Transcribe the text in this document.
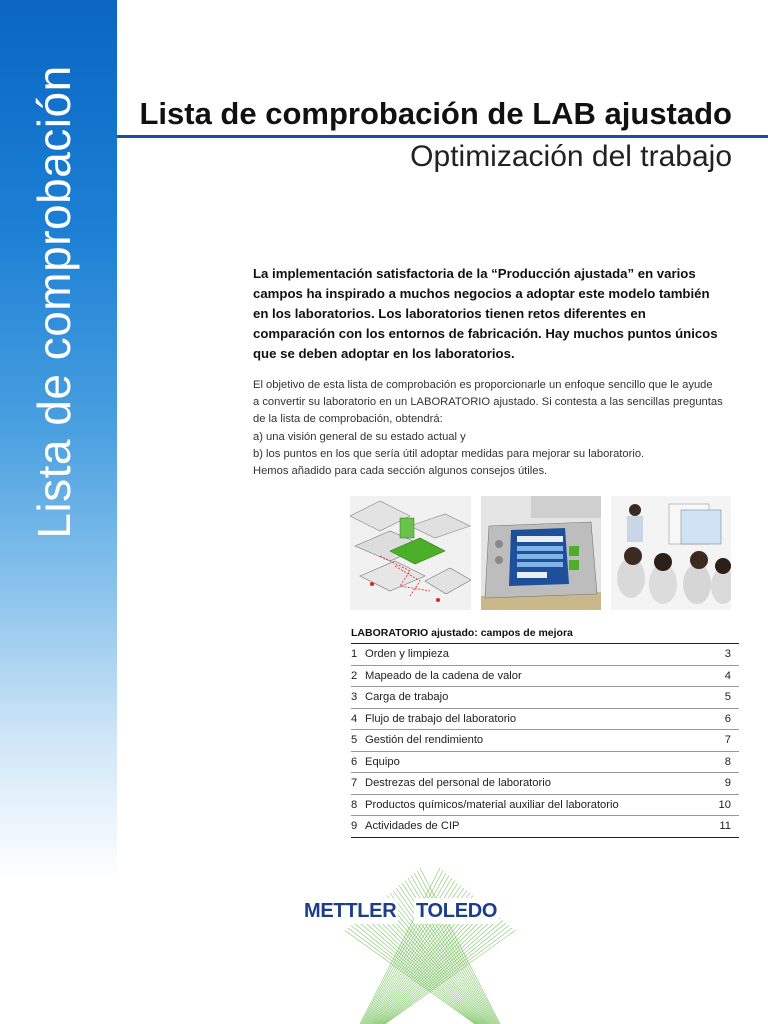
Lista de comprobación Lista de comprobación de LAB ajustado
Optimización del trabajo

La implementación satisfactoria de la “Producción ajustada” en varios campos ha inspirado a muchos negocios a adoptar este modelo también en los laboratorios. Los laboratorios tienen retos diferentes en comparación con los entornos de fabricación. Hay muchos puntos únicos que se deben adoptar en los laboratorios.

El objetivo de esta lista de comprobación es proporcionarle un enfoque sencillo que le ayude
a convertir su laboratorio en un LABORATORIO ajustado. Si contesta a las sencillas preguntas
de la lista de comprobación, obtendrá:
a) una visión general de su estado actual y
b) los puntos en los que sería útil adoptar medidas para mejorar su laboratorio.
Hemos añadido para cada sección algunos consejos útiles.
LABORATORIO ajustado: campos de mejora
1 Orden y limpieza	3
2 Mapeado de la cadena de valor	4
3 Carga de trabajo	5
4 Flujo de trabajo del laboratorio	6
5 Gestión del rendimiento	7
6 Equipo	8
7 Destrezas del personal de laboratorio	9
8 Productos químicos/material auxiliar del laboratorio	10
9 Actividades de CIP	11
METTLER TOLEDO
